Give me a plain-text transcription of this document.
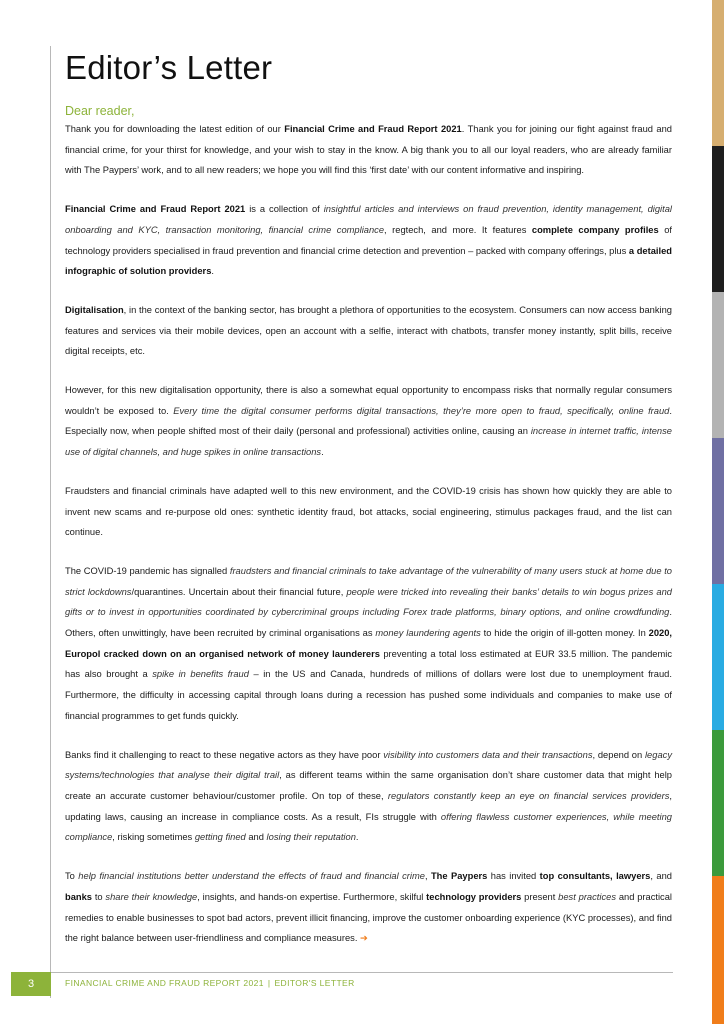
Editor’s Letter
Dear reader,

Thank you for downloading the latest edition of our Financial Crime and Fraud Report 2021. Thank you for joining our fight against fraud and financial crime, for your thirst for knowledge, and your wish to stay in the know. A big thank you to all our loyal readers, who are already familiar with The Paypers’ work, and to all new readers; we hope you will find this ‘first date’ with our content informative and inspiring.

Financial Crime and Fraud Report 2021 is a collection of insightful articles and interviews on fraud prevention, identity management, digital onboarding and KYC, transaction monitoring, financial crime compliance, regtech, and more. It features complete company profiles of technology providers specialised in fraud prevention and financial crime detection and prevention – packed with company offerings, plus a detailed infographic of solution providers.

Digitalisation, in the context of the banking sector, has brought a plethora of opportunities to the ecosystem. Consumers can now access banking features and services via their mobile devices, open an account with a selfie, interact with chatbots, transfer money instantly, split bills, receive digital receipts, etc.

However, for this new digitalisation opportunity, there is also a somewhat equal opportunity to encompass risks that normally regular consumers wouldn’t be exposed to. Every time the digital consumer performs digital transactions, they’re more open to fraud, specifically, online fraud. Especially now, when people shifted most of their daily (personal and professional) activities online, causing an increase in internet traffic, intense use of digital channels, and huge spikes in online transactions.

Fraudsters and financial criminals have adapted well to this new environment, and the COVID-19 crisis has shown how quickly they are able to invent new scams and re-purpose old ones: synthetic identity fraud, bot attacks, social engineering, stimulus packages fraud, and the list can continue.

The COVID-19 pandemic has signalled fraudsters and financial criminals to take advantage of the vulnerability of many users stuck at home due to strict lockdowns/quarantines. Uncertain about their financial future, people were tricked into revealing their banks’ details to win bogus prizes and gifts or to invest in opportunities coordinated by cybercriminal groups including Forex trade platforms, binary options, and online crowdfunding. Others, often unwittingly, have been recruited by criminal organisations as money laundering agents to hide the origin of ill-gotten money. In 2020, Europol cracked down on an organised network of money launderers preventing a total loss estimated at EUR 33.5 million. The pandemic has also brought a spike in benefits fraud – in the US and Canada, hundreds of millions of dollars were lost due to unemployment fraud. Furthermore, the difficulty in accessing capital through loans during a recession has pushed some individuals and companies to make use of financial programmes to get funds quickly.

Banks find it challenging to react to these negative actors as they have poor visibility into customers data and their transactions, depend on legacy systems/technologies that analyse their digital trail, as different teams within the same organisation don’t share customer data that might help create an accurate customer behaviour/customer profile. On top of these, regulators constantly keep an eye on financial services providers, updating laws, causing an increase in compliance costs. As a result, FIs struggle with offering flawless customer experiences, while meeting compliance, risking sometimes getting fined and losing their reputation.

To help financial institutions better understand the effects of fraud and financial crime, The Paypers has invited top consultants, lawyers, and banks to share their knowledge, insights, and hands-on expertise. Furthermore, skilful technology providers present best practices and practical remedies to enable businesses to spot bad actors, prevent illicit financing, improve the customer onboarding experience (KYC processes), and find the right balance between user-friendliness and compliance measures. ➔

3	FINANCIAL CRIME AND FRAUD REPORT 2021 | EDITOR'S LETTER
